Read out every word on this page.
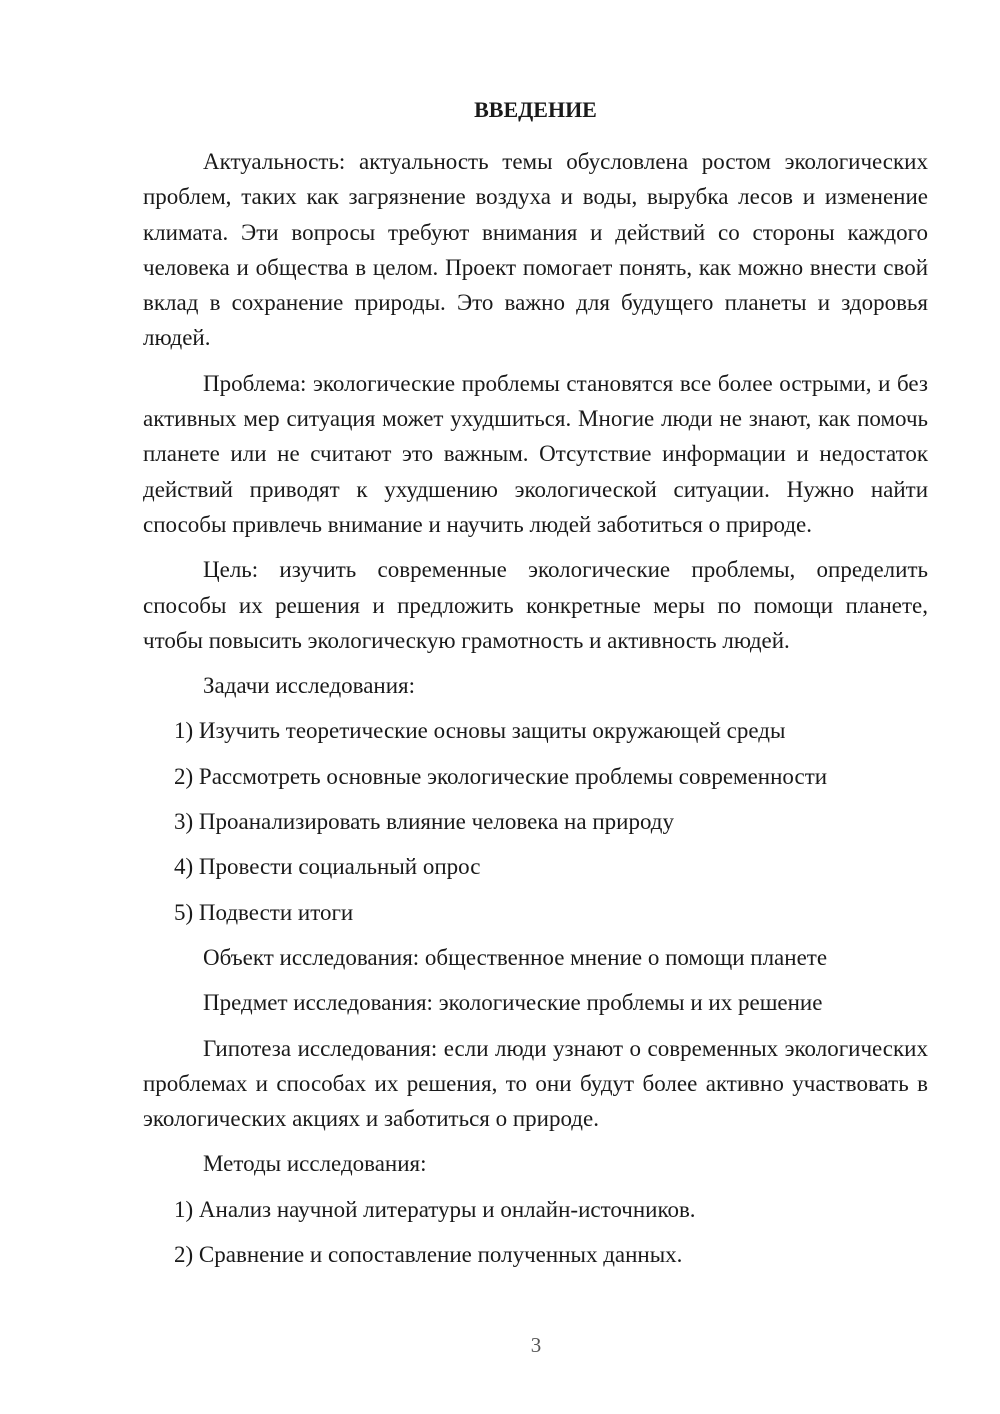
ВВЕДЕНИЕ

Актуальность: актуальность темы обусловлена ростом экологических проблем, таких как загрязнение воздуха и воды, вырубка лесов и изменение климата. Эти вопросы требуют внимания и действий со стороны каждого человека и общества в целом. Проект помогает понять, как можно внести свой вклад в сохранение природы. Это важно для будущего планеты и здоровья людей.

Проблема: экологические проблемы становятся все более острыми, и без активных мер ситуация может ухудшиться. Многие люди не знают, как помочь планете или не считают это важным. Отсутствие информации и недостаток действий приводят к ухудшению экологической ситуации. Нужно найти способы привлечь внимание и научить людей заботиться о природе.

Цель: изучить современные экологические проблемы, определить способы их решения и предложить конкретные меры по помощи планете, чтобы повысить экологическую грамотность и активность людей.

Задачи исследования:
1) Изучить теоретические основы защиты окружающей среды
2) Рассмотреть основные экологические проблемы современности
3) Проанализировать влияние человека на природу
4) Провести социальный опрос
5) Подвести итоги
Объект исследования: общественное мнение о помощи планете
Предмет исследования: экологические проблемы и их решение

Гипотеза исследования: если люди узнают о современных экологических проблемах и способах их решения, то они будут более активно участвовать в экологических акциях и заботиться о природе.

Методы исследования:
1) Анализ научной литературы и онлайн-источников.
2) Сравнение и сопоставление полученных данных.
3
